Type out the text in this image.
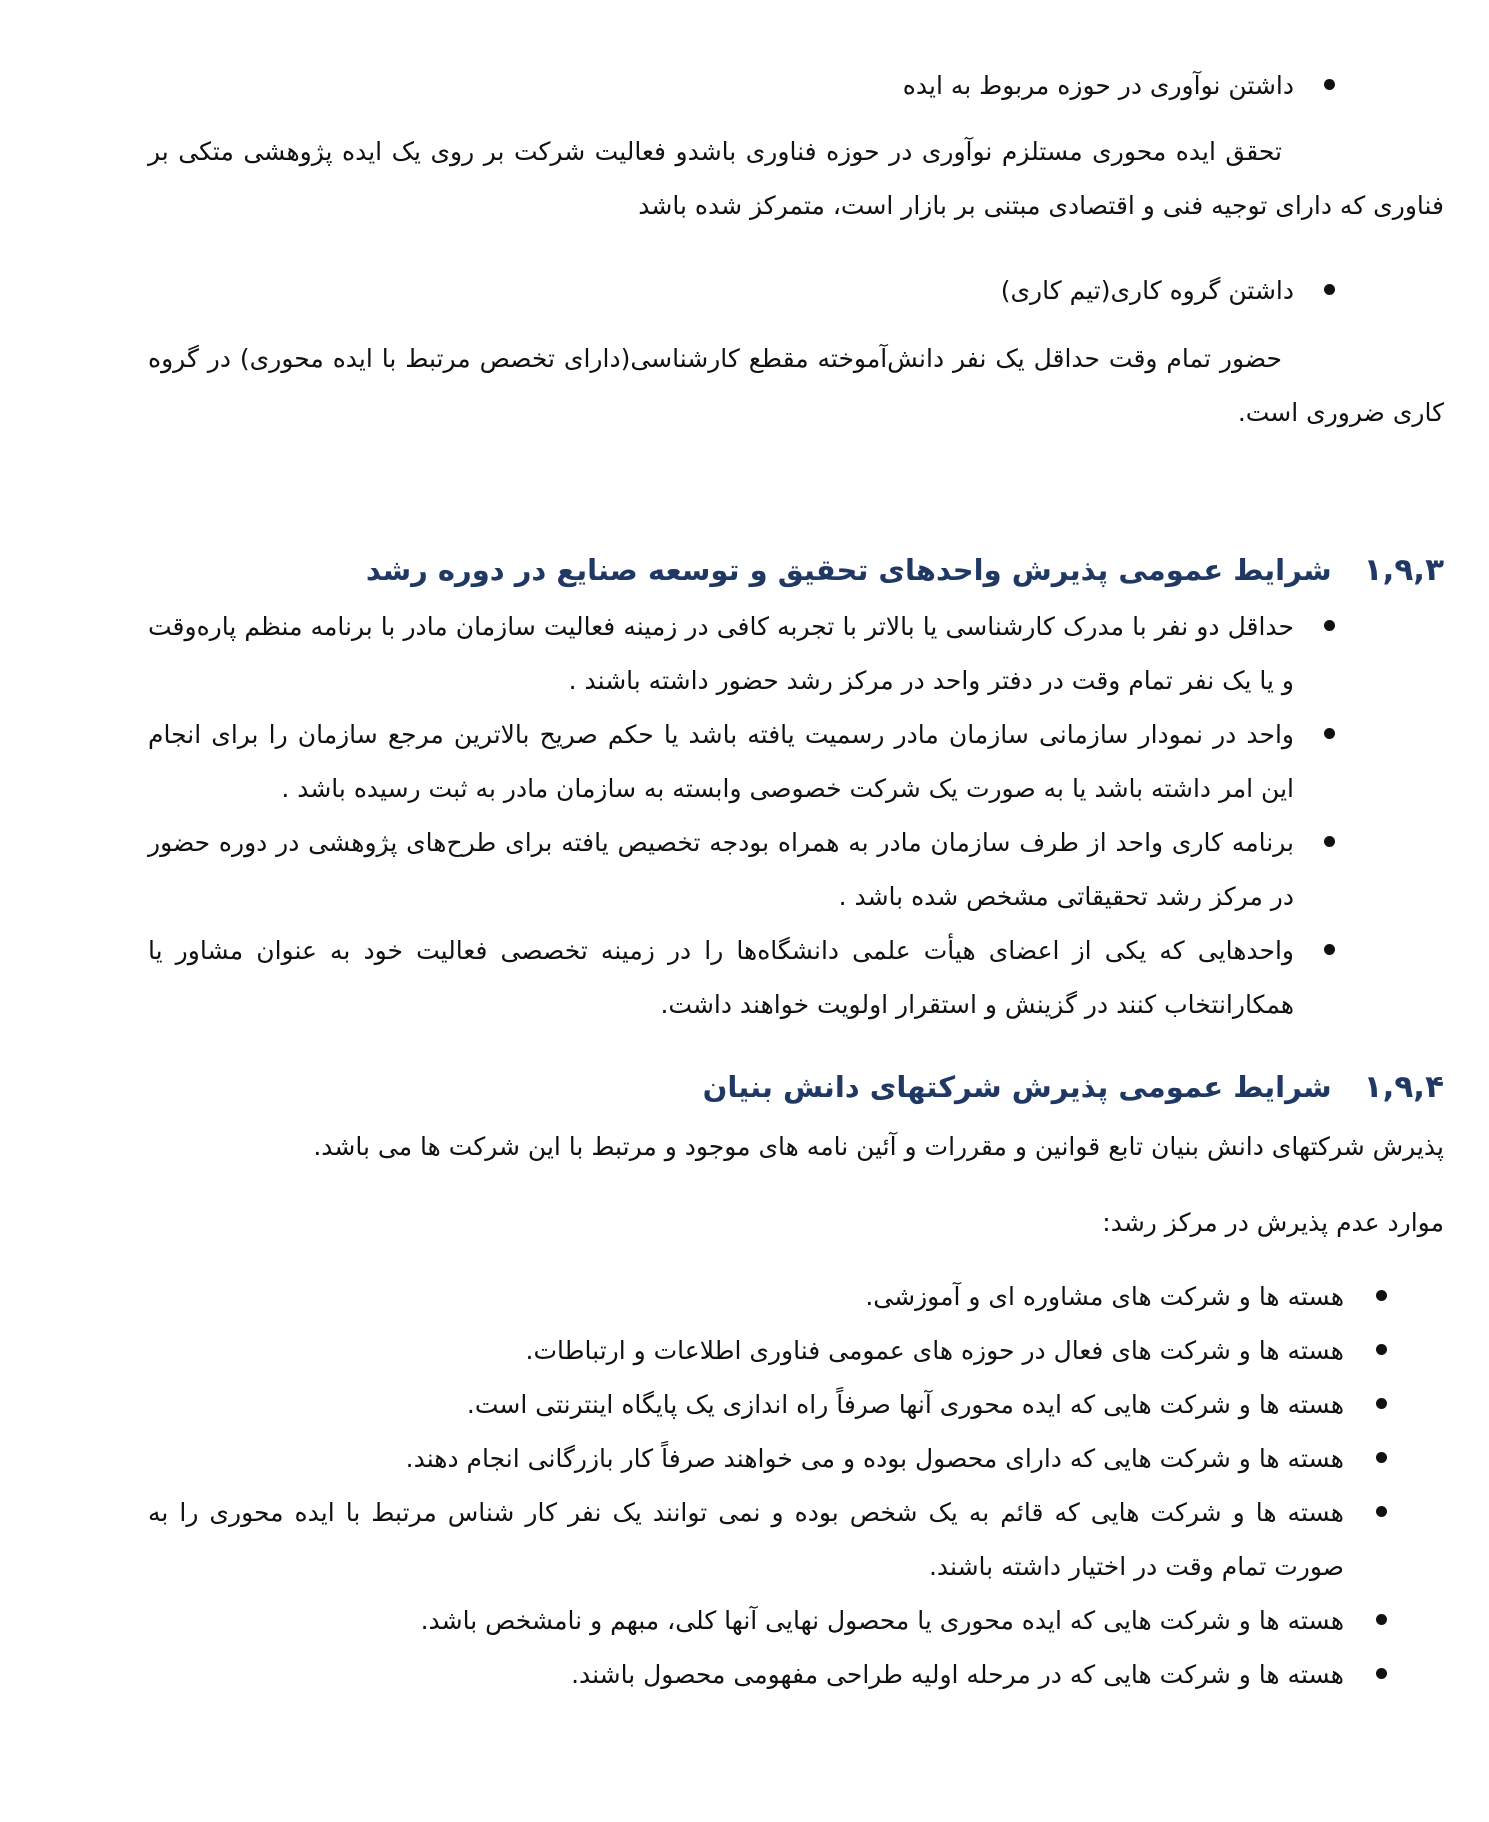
داشتن نوآوری در حوزه مربوط به ایده

تحقق ایده محوری مستلزم نوآوری در حوزه فناوری باشدو فعالیت شرکت بر روی یک ایده پژوهشی متکی بر فناوری که دارای توجیه فنی و اقتصادی مبتنی بر بازار است، متمرکز شده باشد

داشتن گروه کاری(تیم کاری)

حضور تمام وقت حداقل یک نفر دانش‌آموخته مقطع کارشناسی(دارای تخصص مرتبط با ایده محوری) در گروه کاری ضروری است.

۱,۹,۳شرایط عمومی پذیرش واحدهای تحقیق و توسعه صنایع در دوره رشد
حداقل دو نفر با مدرک کارشناسی یا بالاتر با تجربه کافی در زمینه فعالیت سازمان مادر با برنامه منظم پاره‌وقت و یا یک نفر تمام وقت در دفتر واحد در مرکز رشد حضور داشته باشند .
واحد در نمودار سازمانی سازمان مادر رسمیت یافته باشد یا حکم صریح بالاترین مرجع سازمان را برای انجام این امر داشته باشد یا به صورت یک شرکت خصوصی وابسته به سازمان مادر به ثبت رسیده باشد .
برنامه کاری واحد از طرف سازمان مادر به همراه بودجه تخصیص یافته برای طرح‌های پژوهشی در دوره حضور در مرکز رشد تحقیقاتی مشخص شده باشد .
واحدهایی که یکی از اعضای هیأت علمی دانشگاه‌ها را در زمینه تخصصی فعالیت خود به عنوان مشاور یا همکارانتخاب کنند در گزینش و استقرار اولویت خواهند داشت.
۱,۹,۴شرایط عمومی پذیرش شرکتهای دانش بنیان

پذیرش شرکتهای دانش بنیان تابع قوانین و مقررات و آئین نامه های موجود و مرتبط با این شرکت ها می باشد.

موارد عدم پذیرش در مرکز رشد:

هسته ها و شرکت های مشاوره ای و آموزشی.
هسته ها و شرکت های فعال در حوزه های عمومی فناوری اطلاعات و ارتباطات.
هسته ها و شرکت هایی که ایده محوری آنها صرفاً راه اندازی یک پایگاه اینترنتی است.
هسته ها و شرکت هایی که دارای محصول بوده و می خواهند صرفاً کار بازرگانی انجام دهند.
هسته ها و شرکت هایی که قائم به یک شخص بوده و نمی توانند یک نفر کار شناس مرتبط با ایده محوری را به صورت تمام وقت در اختیار داشته باشند.
هسته ها و شرکت هایی که ایده محوری یا محصول نهایی آنها کلی، مبهم و نامشخص باشد.
هسته ها و شرکت هایی که در مرحله اولیه طراحی مفهومی محصول باشند.
